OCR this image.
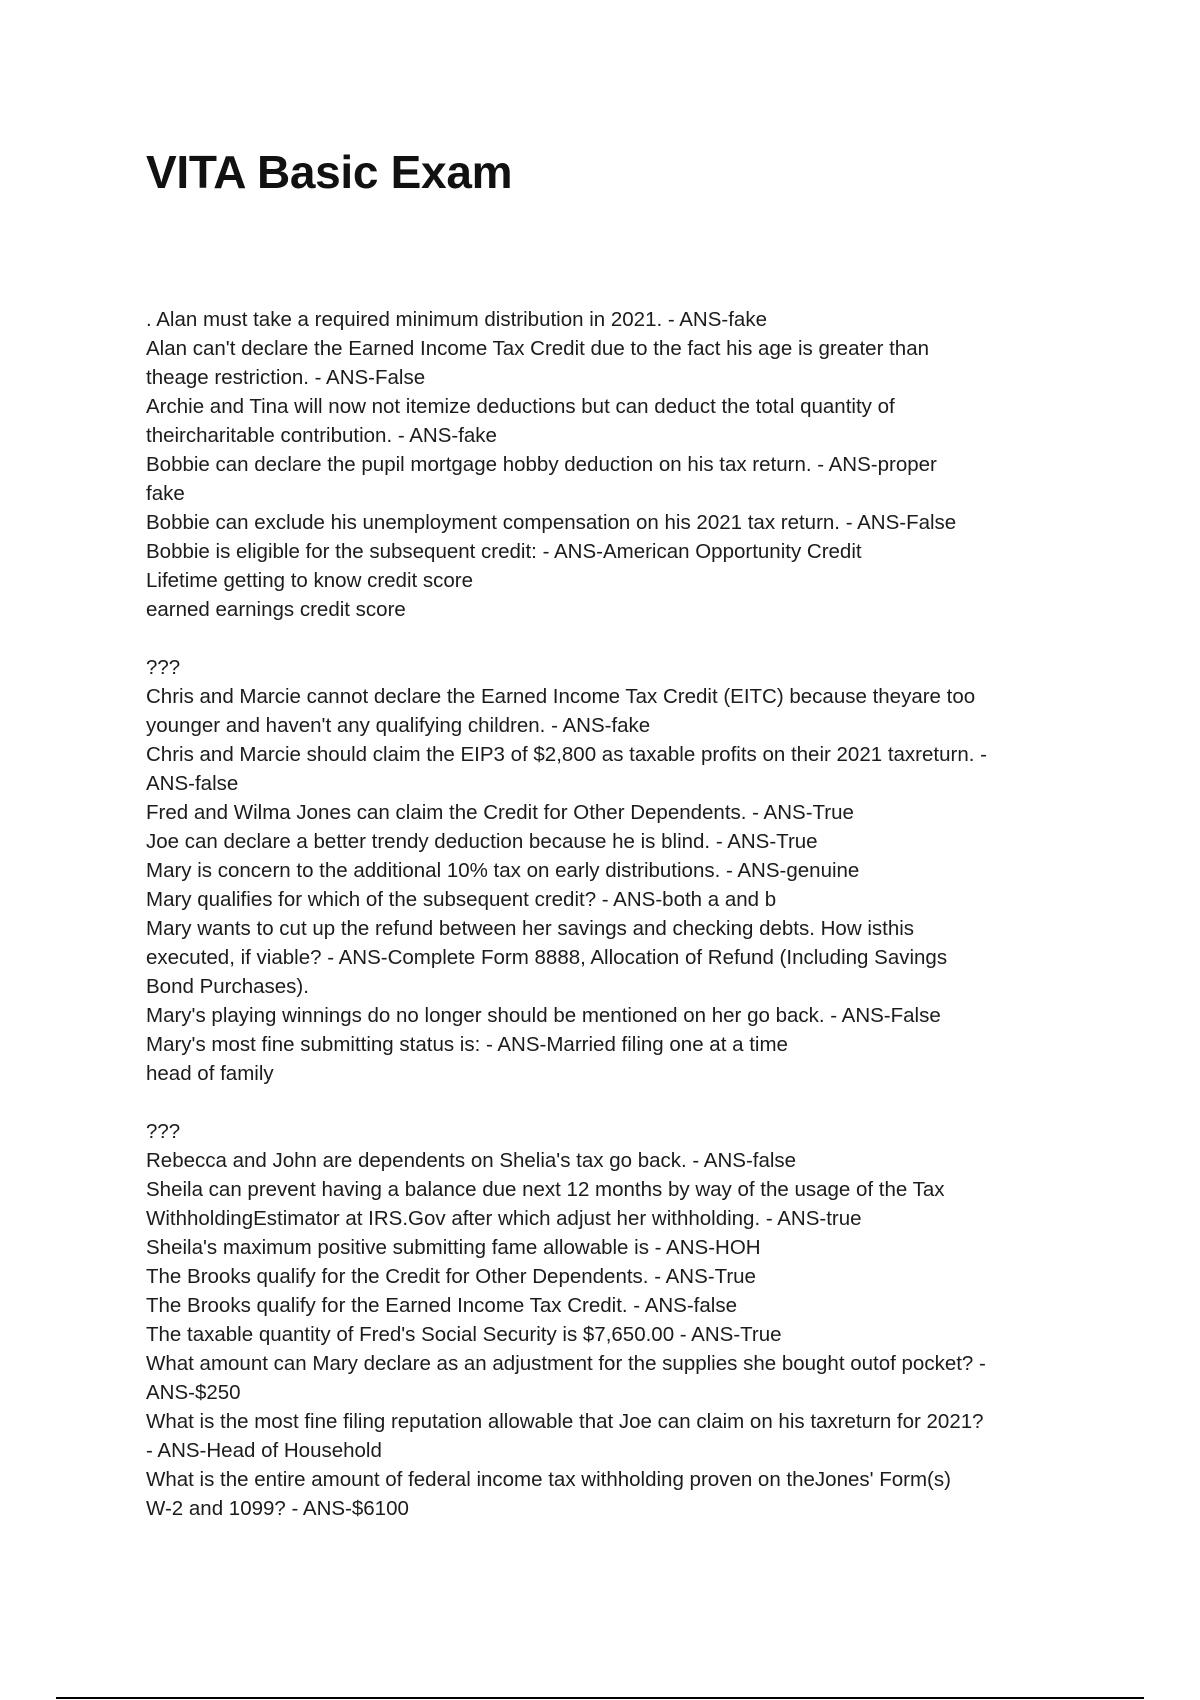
VITA Basic Exam
. Alan must take a required minimum distribution in 2021. - ANS-fake
Alan can't declare the Earned Income Tax Credit due to the fact his age is greater than
theage restriction. - ANS-False
Archie and Tina will now not itemize deductions but can deduct the total quantity of
theircharitable contribution. - ANS-fake
Bobbie can declare the pupil mortgage hobby deduction on his tax return. - ANS-proper
fake
Bobbie can exclude his unemployment compensation on his 2021 tax return. - ANS-False
Bobbie is eligible for the subsequent credit: - ANS-American Opportunity Credit
Lifetime getting to know credit score
earned earnings credit score
???
Chris and Marcie cannot declare the Earned Income Tax Credit (EITC) because theyare too
younger and haven't any qualifying children. - ANS-fake
Chris and Marcie should claim the EIP3 of $2,800 as taxable profits on their 2021 taxreturn. -
ANS-false
Fred and Wilma Jones can claim the Credit for Other Dependents. - ANS-True
Joe can declare a better trendy deduction because he is blind. - ANS-True
Mary is concern to the additional 10% tax on early distributions. - ANS-genuine
Mary qualifies for which of the subsequent credit? - ANS-both a and b
Mary wants to cut up the refund between her savings and checking debts. How isthis
executed, if viable? - ANS-Complete Form 8888, Allocation of Refund (Including Savings
Bond Purchases).
Mary's playing winnings do no longer should be mentioned on her go back. - ANS-False
Mary's most fine submitting status is: - ANS-Married filing one at a time
head of family
???
Rebecca and John are dependents on Shelia's tax go back. - ANS-false
Sheila can prevent having a balance due next 12 months by way of the usage of the Tax
WithholdingEstimator at IRS.Gov after which adjust her withholding. - ANS-true
Sheila's maximum positive submitting fame allowable is - ANS-HOH
The Brooks qualify for the Credit for Other Dependents. - ANS-True
The Brooks qualify for the Earned Income Tax Credit. - ANS-false
The taxable quantity of Fred's Social Security is $7,650.00 - ANS-True
What amount can Mary declare as an adjustment for the supplies she bought outof pocket? -
ANS-$250
What is the most fine filing reputation allowable that Joe can claim on his taxreturn for 2021?
- ANS-Head of Household
What is the entire amount of federal income tax withholding proven on theJones' Form(s)
W-2 and 1099? - ANS-$6100
